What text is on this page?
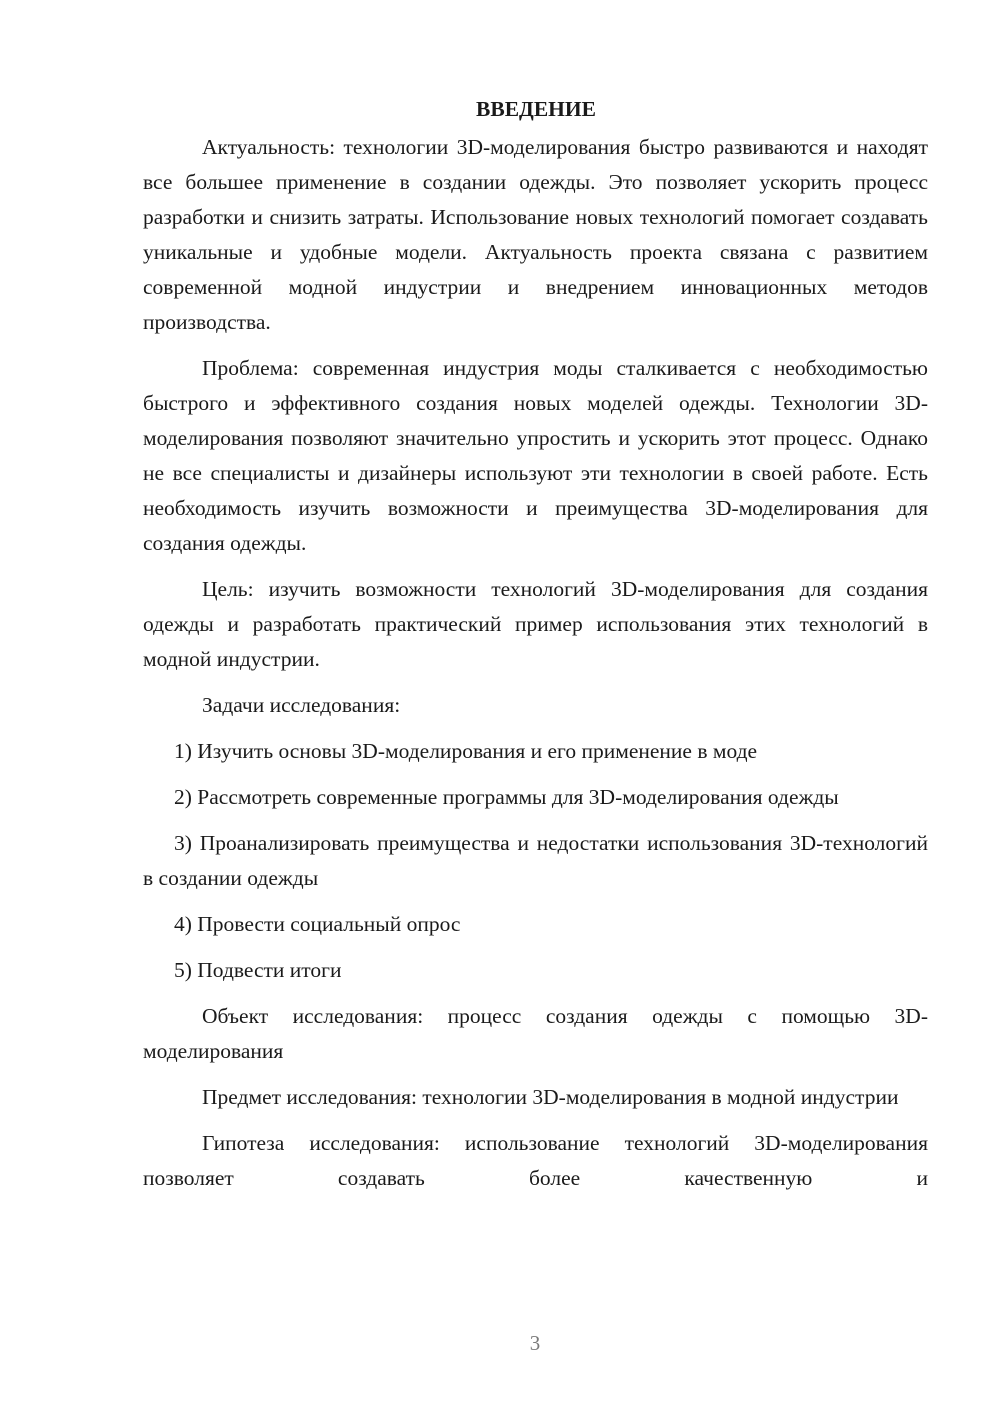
ВВЕДЕНИЕ

Актуальность: технологии 3D-моделирования быстро развиваются и находят все большее применение в создании одежды. Это позволяет ускорить процесс разработки и снизить затраты. Использование новых технологий помогает создавать уникальные и удобные модели. Актуальность проекта связана с развитием современной модной индустрии и внедрением инновационных методов производства.

Проблема: современная индустрия моды сталкивается с необходимостью быстрого и эффективного создания новых моделей одежды. Технологии 3D-моделирования позволяют значительно упростить и ускорить этот процесс. Однако не все специалисты и дизайнеры используют эти технологии в своей работе. Есть необходимость изучить возможности и преимущества 3D-моделирования для создания одежды.

Цель: изучить возможности технологий 3D-моделирования для создания одежды и разработать практический пример использования этих технологий в модной индустрии.

Задачи исследования:

1) Изучить основы 3D-моделирования и его применение в моде

2) Рассмотреть современные программы для 3D-моделирования одежды

3) Проанализировать преимущества и недостатки использования 3D-технологий в создании одежды

4) Провести социальный опрос

5) Подвести итоги

Объект исследования: процесс создания одежды с помощью 3D-моделирования

Предмет исследования: технологии 3D-моделирования в модной индустрии

Гипотеза исследования: использование технологий 3D-моделирования позволяет создавать более качественную и

3
